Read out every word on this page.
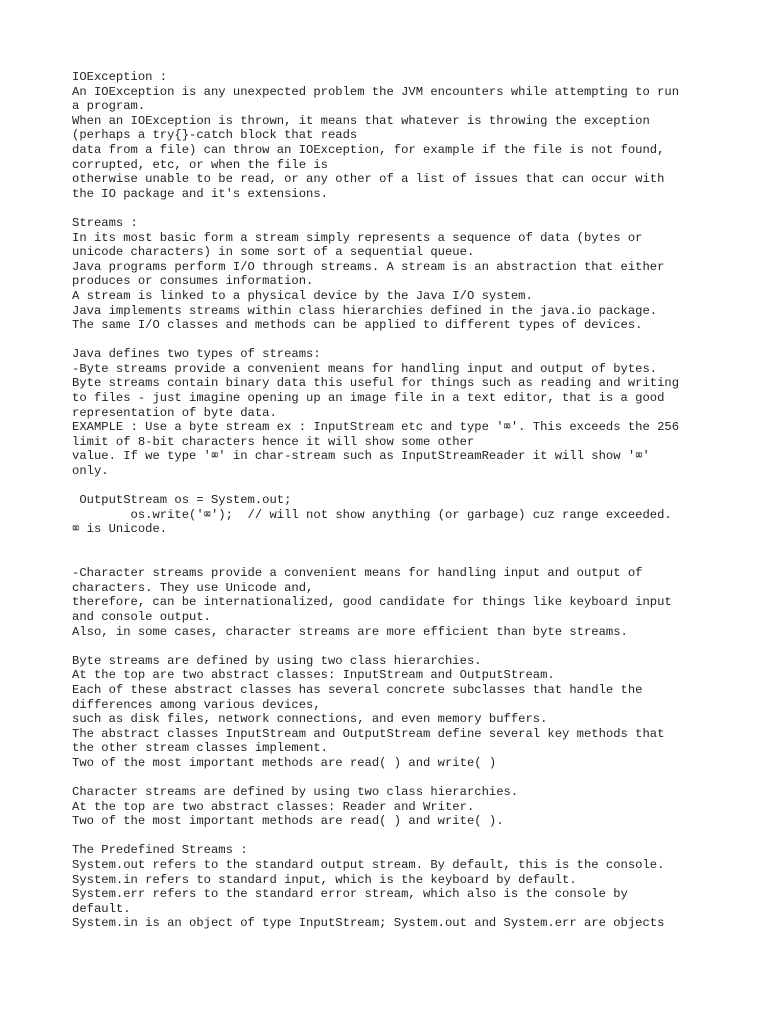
IOException :
An IOException is any unexpected problem the JVM encounters while attempting to run
a program.
When an IOException is thrown, it means that whatever is throwing the exception
(perhaps a try{}-catch block that reads
data from a file) can throw an IOException, for example if the file is not found,
corrupted, etc, or when the file is
otherwise unable to be read, or any other of a list of issues that can occur with
the IO package and it's extensions.
Streams :
In its most basic form a stream simply represents a sequence of data (bytes or
unicode characters) in some sort of a sequential queue.
Java programs perform I/O through streams. A stream is an abstraction that either
produces or consumes information.
A stream is linked to a physical device by the Java I/O system.
Java implements streams within class hierarchies defined in the java.io package.
The same I/O classes and methods can be applied to different types of devices.
Java defines two types of streams:
-Byte streams provide a convenient means for handling input and output of bytes.
Byte streams contain binary data this useful for things such as reading and writing
to files - just imagine opening up an image file in a text editor, that is a good
representation of byte data.
EXAMPLE : Use a byte stream ex : InputStream etc and type '⌧'. This exceeds the 256
limit of 8-bit characters hence it will show some other
value. If we type '⌧' in char-stream such as InputStreamReader it will show '⌧'
only.
OutputStream os = System.out;
os.write('⌧');  // will not show anything (or garbage) cuz range exceeded.
⌧ is Unicode.
-Character streams provide a convenient means for handling input and output of
characters. They use Unicode and,
therefore, can be internationalized, good candidate for things like keyboard input
and console output.
Also, in some cases, character streams are more efficient than byte streams.
Byte streams are defined by using two class hierarchies.
At the top are two abstract classes: InputStream and OutputStream.
Each of these abstract classes has several concrete subclasses that handle the
differences among various devices,
such as disk files, network connections, and even memory buffers.
The abstract classes InputStream and OutputStream define several key methods that
the other stream classes implement.
Two of the most important methods are read( ) and write( )
Character streams are defined by using two class hierarchies.
At the top are two abstract classes: Reader and Writer.
Two of the most important methods are read( ) and write( ).
The Predefined Streams :
System.out refers to the standard output stream. By default, this is the console.
System.in refers to standard input, which is the keyboard by default.
System.err refers to the standard error stream, which also is the console by
default.
System.in is an object of type InputStream; System.out and System.err are objects
